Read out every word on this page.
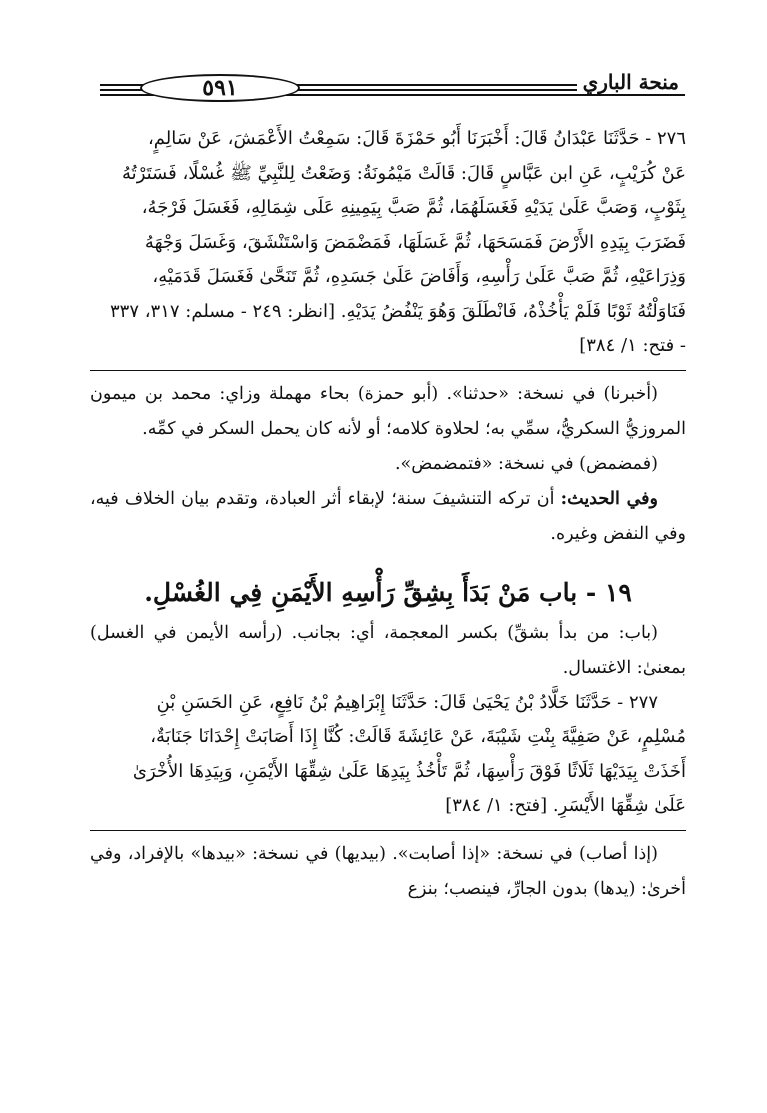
٥٩١	منحة الباري

٢٧٦ - حَدَّثَنَا عَبْدَانُ قَالَ: أَخْبَرَنَا أَبُو حَمْزَةَ قَالَ: سَمِعْتُ الأَعْمَشَ، عَنْ سَالِمٍ،

عَنْ كُرَيْبٍ، عَنِ ابن عَبَّاسٍ قَالَ: قَالَتْ مَيْمُونَةُ: وَضَعْتُ لِلنَّبِيِّ ﷺ غُسْلًا، فَسَتَرْتُهُ

بِثَوْبٍ، وَصَبَّ عَلَىٰ يَدَيْهِ فَغَسَلَهُمَا، ثُمَّ صَبَّ بِيَمِينِهِ عَلَى شِمَالِهِ، فَغَسَلَ فَرْجَهُ،

فَضَرَبَ بِيَدِهِ الأَرْضَ فَمَسَحَهَا، ثُمَّ غَسَلَهَا، فَمَضْمَضَ وَاسْتَنْشَقَ، وَغَسَلَ وَجْهَهُ

وَذِرَاعَيْهِ، ثُمَّ صَبَّ عَلَىٰ رَأْسِهِ، وَأَفَاضَ عَلَىٰ جَسَدِهِ، ثُمَّ تَنَحَّىٰ فَغَسَلَ قَدَمَيْهِ،

فَنَاوَلْتُهُ ثَوْبًا فَلَمْ يَأْخُذْهُ، فَانْطَلَقَ وَهُوَ يَنْفُضُ يَدَيْهِ. [انظر: ٢٤٩ - مسلم: ٣١٧، ٣٣٧

- فتح: ١/ ٣٨٤]

(أخبرنا) في نسخة: «حدثنا». (أبو حمزة) بحاء مهملة وزاي: محمد بن ميمون المروزيُّ السكريُّ، سمِّي به؛ لحلاوة كلامه؛ أو لأنه كان يحمل السكر في كمِّه.

(فمضمض) في نسخة: «فتمضمض».

وفي الحديث: أن تركه التنشيفَ سنة؛ لإبقاء أثر العبادة، وتقدم بيان الخلاف فيه، وفي النفض وغيره.

١٩ - باب مَنْ بَدَأَ بِشِقِّ رَأْسِهِ الأَيْمَنِ فِي الغُسْلِ.

(باب: من بدأ بشقِّ) بكسر المعجمة، أي: بجانب. (رأسه الأيمن في الغسل) بمعنىٰ: الاغتسال.

٢٧٧ - حَدَّثَنَا خَلَّادُ بْنُ يَحْيَىٰ قَالَ: حَدَّثَنَا إِبْرَاهِيمُ بْنُ نَافِعٍ، عَنِ الحَسَنِ بْنِ

مُسْلِمٍ، عَنْ صَفِيَّةَ بِنْتِ شَيْبَةَ، عَنْ عَائِشَةَ قَالَتْ: كُنَّا إِذَا أَصَابَتْ إِحْدَانَا جَنَابَةٌ،

أَخَذَتْ بِيَدَيْهَا ثَلَاثًا فَوْقَ رَأْسِهَا، ثُمَّ تَأْخُذُ بِيَدِهَا عَلَىٰ شِقِّهَا الأَيْمَنِ، وَبِيَدِهَا الأُخْرَىٰ

عَلَىٰ شِقِّهَا الأَيْسَرِ. [فتح: ١/ ٣٨٤]

(إذا أصاب) في نسخة: «إذا أصابت». (بيديها) في نسخة: «بيدها» بالإفراد، وفي أخرىٰ: (يدها) بدون الجارِّ، فينصب؛ بنزع
